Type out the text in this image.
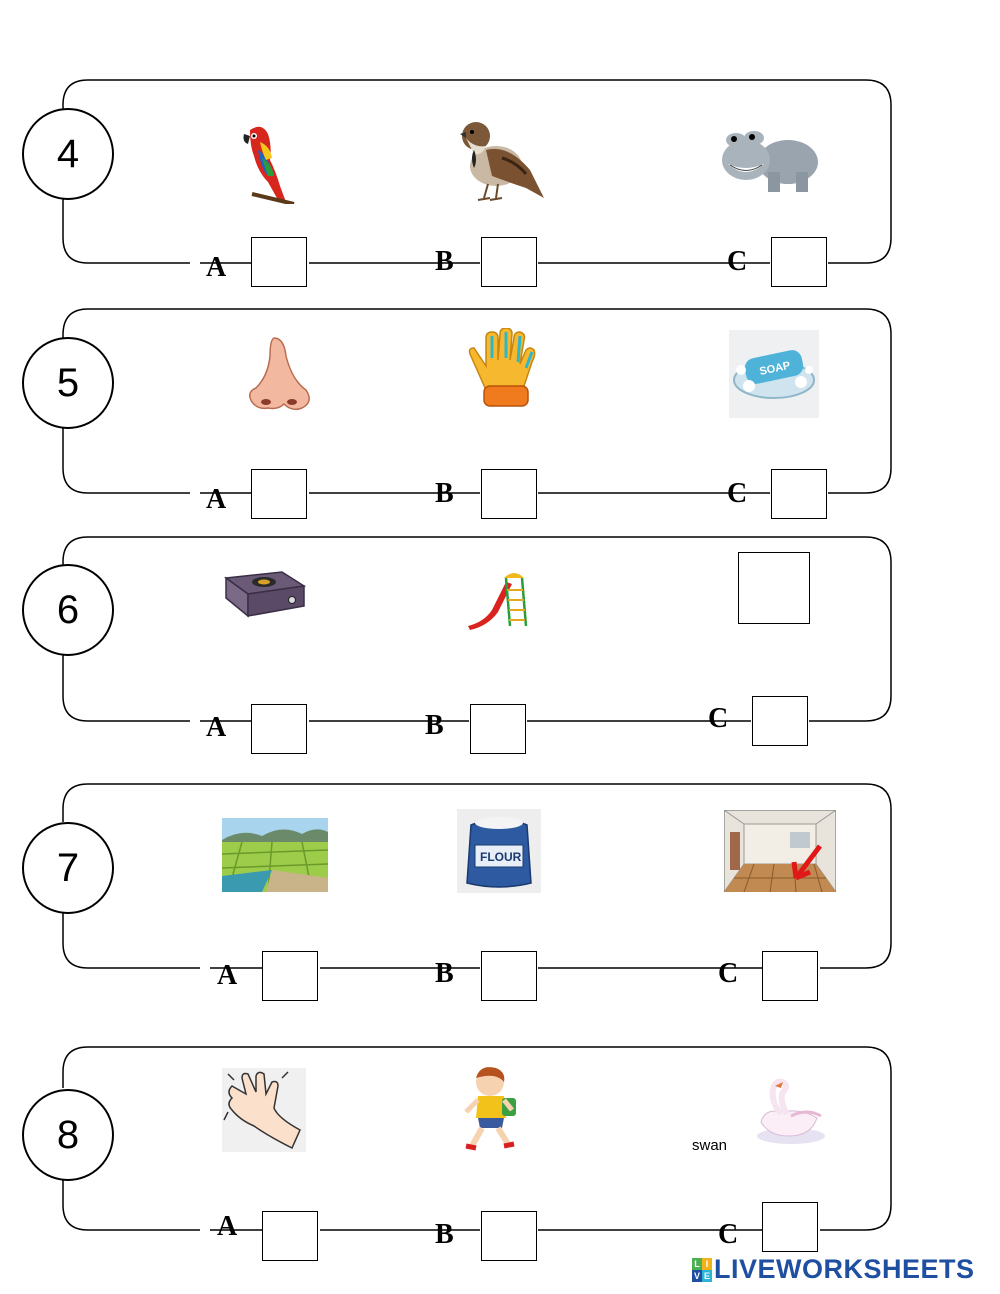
4
A	B	C
5	SOAP
A	B	C
6
A	B	C
7	FLOUR
A	B	C
8	swan
A	B	C
L I
V E LIVEWORKSHEETS
